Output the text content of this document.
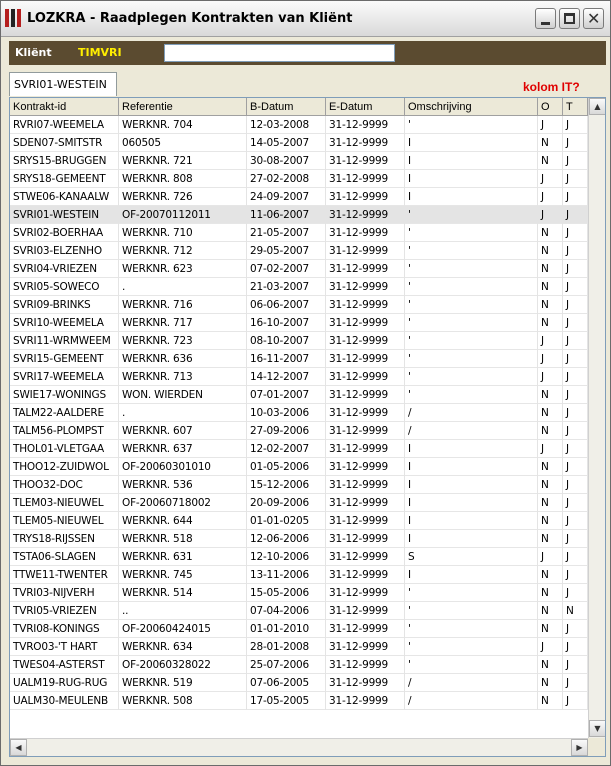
LOZKRA - Raadplegen Kontrakten van Kliënt	✕
Kliënt TIMVRI
SVRI01-WESTEIN	kolom IT?
Kontrakt-id	Referentie	B-Datum	E-Datum	Omschrijving	O	T
RVRI07-WEEMELA	WERKNR. 704	12-03-2008	31-12-9999	'	J	J
SDEN07-SMITSTR	060505	14-05-2007	31-12-9999	I	N	J
SRYS15-BRUGGEN	WERKNR. 721	30-08-2007	31-12-9999	I	N	J
SRYS18-GEMEENT	WERKNR. 808	27-02-2008	31-12-9999	I	J	J
STWE06-KANAALW	WERKNR. 726	24-09-2007	31-12-9999	I	J	J
SVRI01-WESTEIN	OF-20070112011	11-06-2007	31-12-9999	'	J	J
SVRI02-BOERHAA	WERKNR. 710	21-05-2007	31-12-9999	'	N	J
SVRI03-ELZENHO	WERKNR. 712	29-05-2007	31-12-9999	'	N	J
SVRI04-VRIEZEN	WERKNR. 623	07-02-2007	31-12-9999	'	N	J
SVRI05-SOWECO	.	21-03-2007	31-12-9999	'	N	J
SVRI09-BRINKS	WERKNR. 716	06-06-2007	31-12-9999	'	N	J
SVRI10-WEEMELA	WERKNR. 717	16-10-2007	31-12-9999	'	N	J
SVRI11-WRMWEEM	WERKNR. 723	08-10-2007	31-12-9999	'	J	J
SVRI15-GEMEENT	WERKNR. 636	16-11-2007	31-12-9999	'	J	J
SVRI17-WEEMELA	WERKNR. 713	14-12-2007	31-12-9999	'	J	J
SWIE17-WONINGS	WON. WIERDEN	07-01-2007	31-12-9999	'	N	J
TALM22-AALDERE	.	10-03-2006	31-12-9999	/	N	J
TALM56-PLOMPST	WERKNR. 607	27-09-2006	31-12-9999	/	N	J
THOL01-VLETGAA	WERKNR. 637	12-02-2007	31-12-9999	I	J	J
THOO12-ZUIDWOL	OF-20060301010	01-05-2006	31-12-9999	I	N	J
THOO32-DOC	WERKNR. 536	15-12-2006	31-12-9999	I	N	J
TLEM03-NIEUWEL	OF-20060718002	20-09-2006	31-12-9999	I	N	J
TLEM05-NIEUWEL	WERKNR. 644	01-01-0205	31-12-9999	I	N	J
TRYS18-RIJSSEN	WERKNR. 518	12-06-2006	31-12-9999	I	N	J
TSTA06-SLAGEN	WERKNR. 631	12-10-2006	31-12-9999	S	J	J
TTWE11-TWENTER	WERKNR. 745	13-11-2006	31-12-9999	I	N	J
TVRI03-NIJVERH	WERKNR. 514	15-05-2006	31-12-9999	'	N	J
TVRI05-VRIEZEN	..	07-04-2006	31-12-9999	'	N	N
TVRI08-KONINGS	OF-20060424015	01-01-2010	31-12-9999	'	N	J
TVRO03-'T HART	WERKNR. 634	28-01-2008	31-12-9999	'	J	J
TWES04-ASTERST	OF-20060328022	25-07-2006	31-12-9999	'	N	J
UALM19-RUG-RUG	WERKNR. 519	07-06-2005	31-12-9999	/	N	J
UALM30-MEULENB	WERKNR. 508	17-05-2005	31-12-9999	/	N	J
▲
▼
◀	▶
